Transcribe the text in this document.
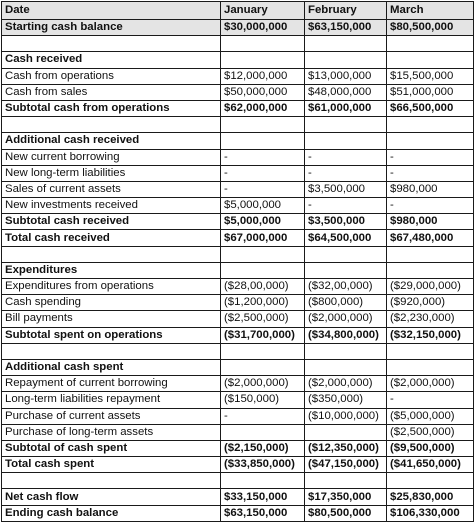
Date	January	February	March
Starting cash balance	$30,000,000	$63,150,000	$80,500,000

Cash received			
Cash from operations	$12,000,000	$13,000,000	$15,500,000
Cash from sales	$50,000,000	$48,000,000	$51,000,000
Subtotal cash from operations	$62,000,000	$61,000,000	$66,500,000

Additional cash received			
New current borrowing	-	-	-
New long-term liabilities	-	-	-
Sales of current assets	-	$3,500,000	$980,000
New investments received	$5,000,000	-	-
Subtotal cash received	$5,000,000	$3,500,000	$980,000
Total cash received	$67,000,000	$64,500,000	$67,480,000

Expenditures			
Expenditures from operations	($28,00,000)	($32,00,000)	($29,000,000)
Cash spending	($1,200,000)	($800,000)	($920,000)
Bill payments	($2,500,000)	($2,000,000)	($2,230,000)
Subtotal spent on operations	($31,700,000)	($34,800,000)	($32,150,000)

Additional cash spent			
Repayment of current borrowing	($2,000,000)	($2,000,000)	($2,000,000)
Long-term liabilities repayment	($150,000)	($350,000)	-
Purchase of current assets	-	($10,000,000)	($5,000,000)
Purchase of long-term assets			($2,500,000)
Subtotal of cash spent	($2,150,000)	($12,350,000)	($9,500,000)
Total cash spent	($33,850,000)	($47,150,000)	($41,650,000)

Net cash flow	$33,150,000	$17,350,000	$25,830,000
Ending cash balance	$63,150,000	$80,500,000	$106,330,000
